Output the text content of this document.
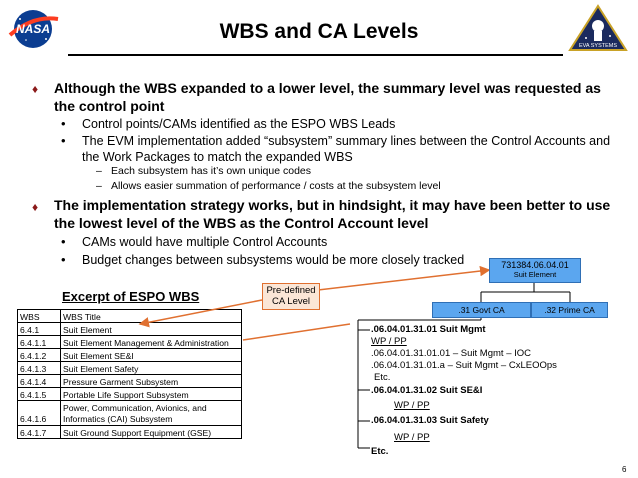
NASA	WBS and CA Levels
EVA SYSTEMS
♦ Although the WBS expanded to a lower level, the summary level was requested as the control point
• Control points/CAMs identified as the ESPO WBS Leads
• The EVM implementation added “subsystem” summary lines between the Control Accounts and the Work Packages to match the expanded WBS
– Each subsystem has it’s own unique codes
– Allows easier summation of performance / costs at the subsystem level
♦ The implementation strategy works, but in hindsight, it may have been better to use the lowest level of the WBS as the Control Account level
• CAMs would have multiple Control Accounts
• Budget changes between subsystems would be more closely tracked
Excerpt of ESPO WBS
WBS	WBS Title
6.4.1	Suit Element
6.4.1.1	Suit Element Management & Administration
6.4.1.2	Suit Element SE&I
6.4.1.3	Suit Element Safety
6.4.1.4	Pressure Garment Subsystem
6.4.1.5	Portable Life Support Subsystem
6.4.1.6	Power, Communication, Avionics, and Informatics (CAI) Subsystem
6.4.1.7	Suit Ground Support Equipment (GSE)
Pre-defined
CA Level
731384.06.04.01
Suit Element
.31 Govt CA	.32 Prime CA
.06.04.01.31.01 Suit Mgmt
WP / PP
.06.04.01.31.01.01 – Suit Mgmt – IOC
.06.04.01.31.01.a – Suit Mgmt – CxLEOOps
Etc.
.06.04.01.31.02 Suit SE&I
WP / PP
.06.04.01.31.03 Suit Safety
WP / PP
Etc.
6
